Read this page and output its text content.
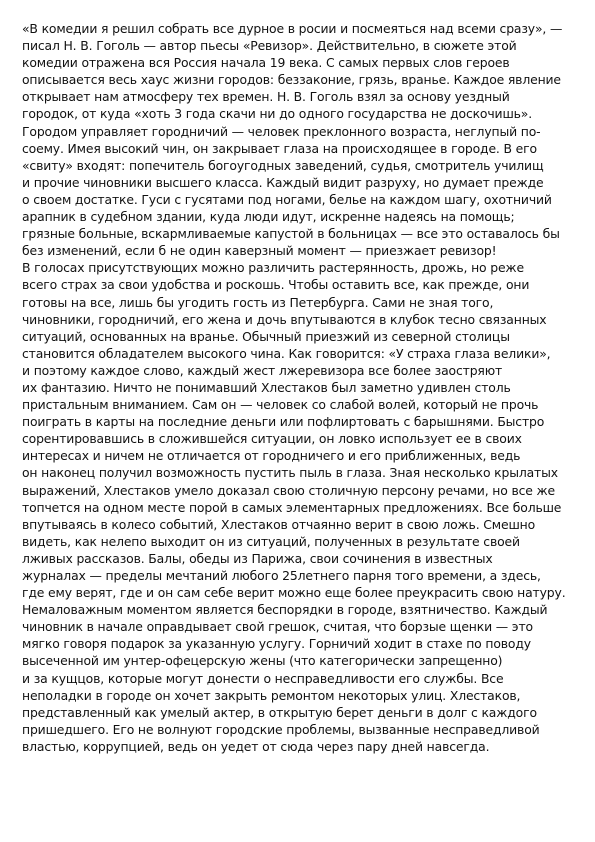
«В комедии я решил собрать все дурное в росии и посмеяться над всеми сразу», —
писал Н. В. Гоголь — автор пьесы «Ревизор». Действительно, в сюжете этой
комедии отражена вся Россия начала 19 века. С самых первых слов героев
описывается весь хаус жизни городов: беззаконие, грязь, вранье. Каждое явление
открывает нам атмосферу тех времен. Н. В. Гоголь взял за основу уездный
городок, от куда «хоть 3 года скачи ни до одного государства не доскочишь».
Городом управляет городничий — человек преклонного возраста, неглупый по-
соему. Имея высокий чин, он закрывает глаза на происходящее в городе. В его
«свиту» входят: попечитель богоугодных заведений, судья, смотритель училищ
и прочие чиновники высшего класса. Каждый видит разруху, но думает прежде
о своем достатке. Гуси с гусятами под ногами, белье на каждом шагу, охотничий
арапник в судебном здании, куда люди идут, искренне надеясь на помощь;
грязные больные, вскармливаемые капустой в больницах — все это оставалось бы
без изменений, если б не один каверзный момент — приезжает ревизор!
В голосах присутствующих можно различить растерянность, дрожь, но реже
всего страх за свои удобства и роскошь. Чтобы оставить все, как прежде, они
готовы на все, лишь бы угодить гость из Петербурга. Сами не зная того,
чиновники, городничий, его жена и дочь впутываются в клубок тесно связанных
ситуаций, основанных на вранье. Обычный приезжий из северной столицы
становится обладателем высокого чина. Как говорится: «У страха глаза велики»,
и поэтому каждое слово, каждый жест лжеревизора все более заостряют
их фантазию. Ничто не понимавший Хлестаков был заметно удивлен столь
пристальным вниманием. Сам он — человек со слабой волей, который не прочь
поиграть в карты на последние деньги или пофлиртовать с барышнями. Быстро
сорентировавшись в сложившейся ситуации, он ловко использует ее в своих
интересах и ничем не отличается от городничего и его приближенных, ведь
он наконец получил возможность пустить пыль в глаза. Зная несколько крылатых
выражений, Хлестаков умело доказал свою столичную персону речами, но все же
топчется на одном месте порой в самых элементарных предложениях. Все больше
впутываясь в колесо событий, Хлестаков отчаянно верит в свою ложь. Смешно
видеть, как нелепо выходит он из ситуаций, полученных в результате своей
лживых рассказов. Балы, обеды из Парижа, свои сочинения в известных
журналах — пределы мечтаний любого 25летнего парня того времени, а здесь,
где ему верят, где и он сам себе верит можно еще более преукрасить свою натуру.
Немаловажным моментом является беспорядки в городе, взятничество. Каждый
чиновник в начале оправдывает свой грешок, считая, что борзые щенки — это
мягко говоря подарок за указанную услугу. Горничий ходит в стахе по поводу
высеченной им унтер-офецерскую жены (что категорически запрещенно)
и за кущцов, которые могут донести о несправедливости его службы. Все
неполадки в городе он хочет закрыть ремонтом некоторых улиц. Хлестаков,
представленный как умелый актер, в открытую берет деньги в долг с каждого
пришедшего. Его не волнуют городские проблемы, вызванные несправедливой
властью, коррупцией, ведь он уедет от сюда через пару дней навсегда.
